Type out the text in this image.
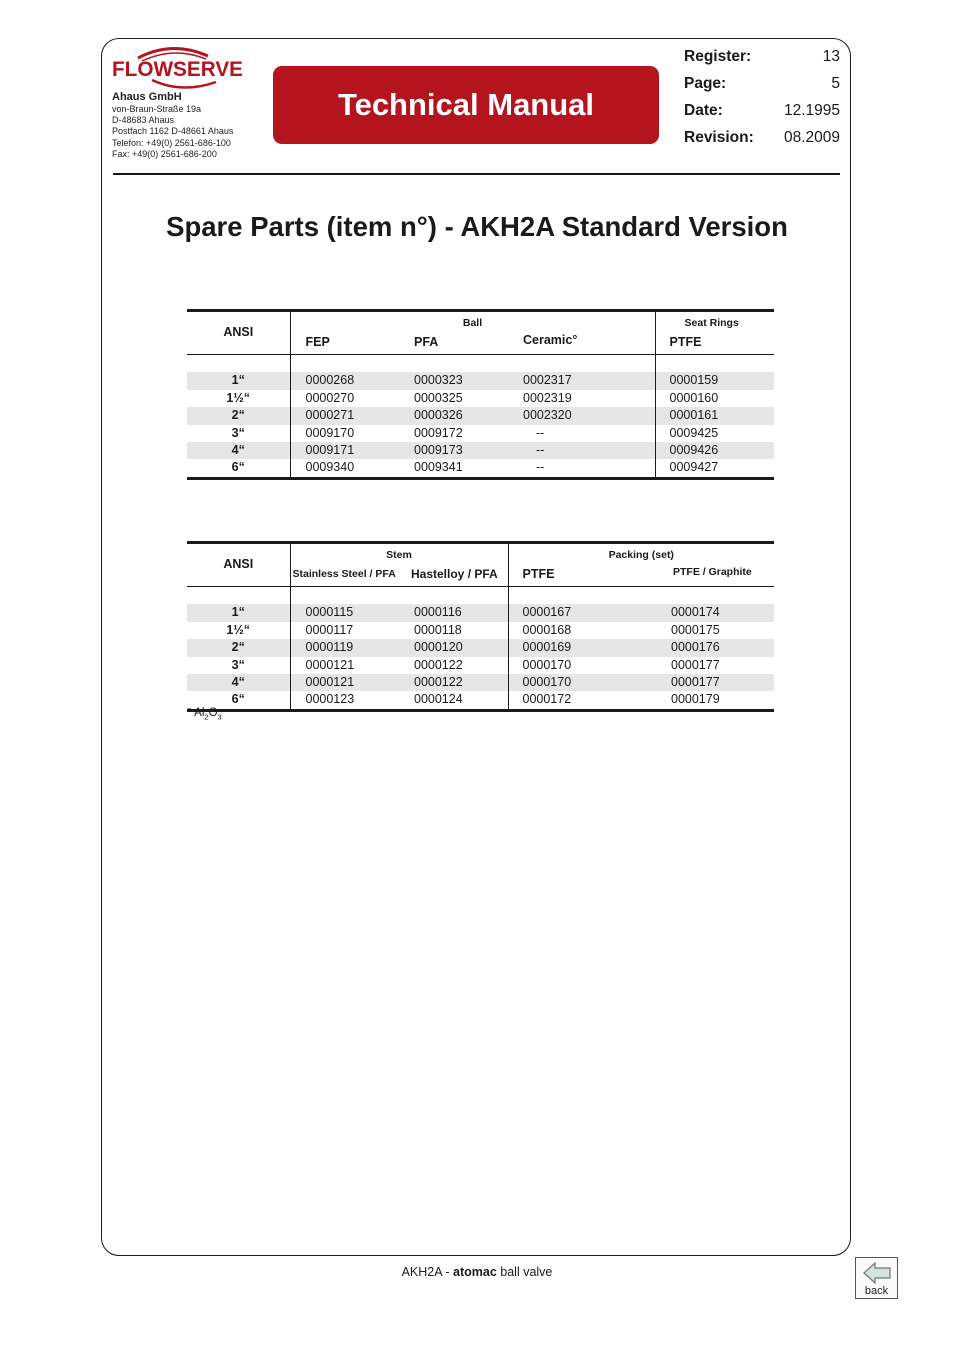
FLOWSERVE
Ahaus GmbH
von-Braun-Straße 19a
D-48683 Ahaus
Postfach 1162 D-48661 Ahaus
Telefon: +49(0) 2561-686-100
Fax: +49(0) 2561-686-200
Technical Manual
Register:	13
Page:	5
Date:	12.1995
Revision: 08.2009
Spare Parts (item n°) - AKH2A Standard Version
ANSI	Ball			Seat Rings
	FEP	PFA	Ceramic°	PTFE

1“	0000268	0000323	0002317	0000159
1½“	0000270	0000325	0002319	0000160
2“	0000271	0000326	0002320	0000161
3“	0009170	0009172	--	0009425
4“	0009171	0009173	--	0009426
6“	0009340	0009341	--	0009427
ANSI	Stem		Packing (set)	
	Stainless Steel / PFA	Hastelloy / PFA	PTFE	PTFE / Graphite

1“	0000115	0000116	0000167	0000174
1½“	0000117	0000118	0000168	0000175
2“	0000119	0000120	0000169	0000176
3“	0000121	0000122	0000170	0000177
4“	0000121	0000122	0000170	0000177
6“	0000123	0000124	0000172	0000179
° $Al_2O_3$
AKH2A - atomac ball valve
back
